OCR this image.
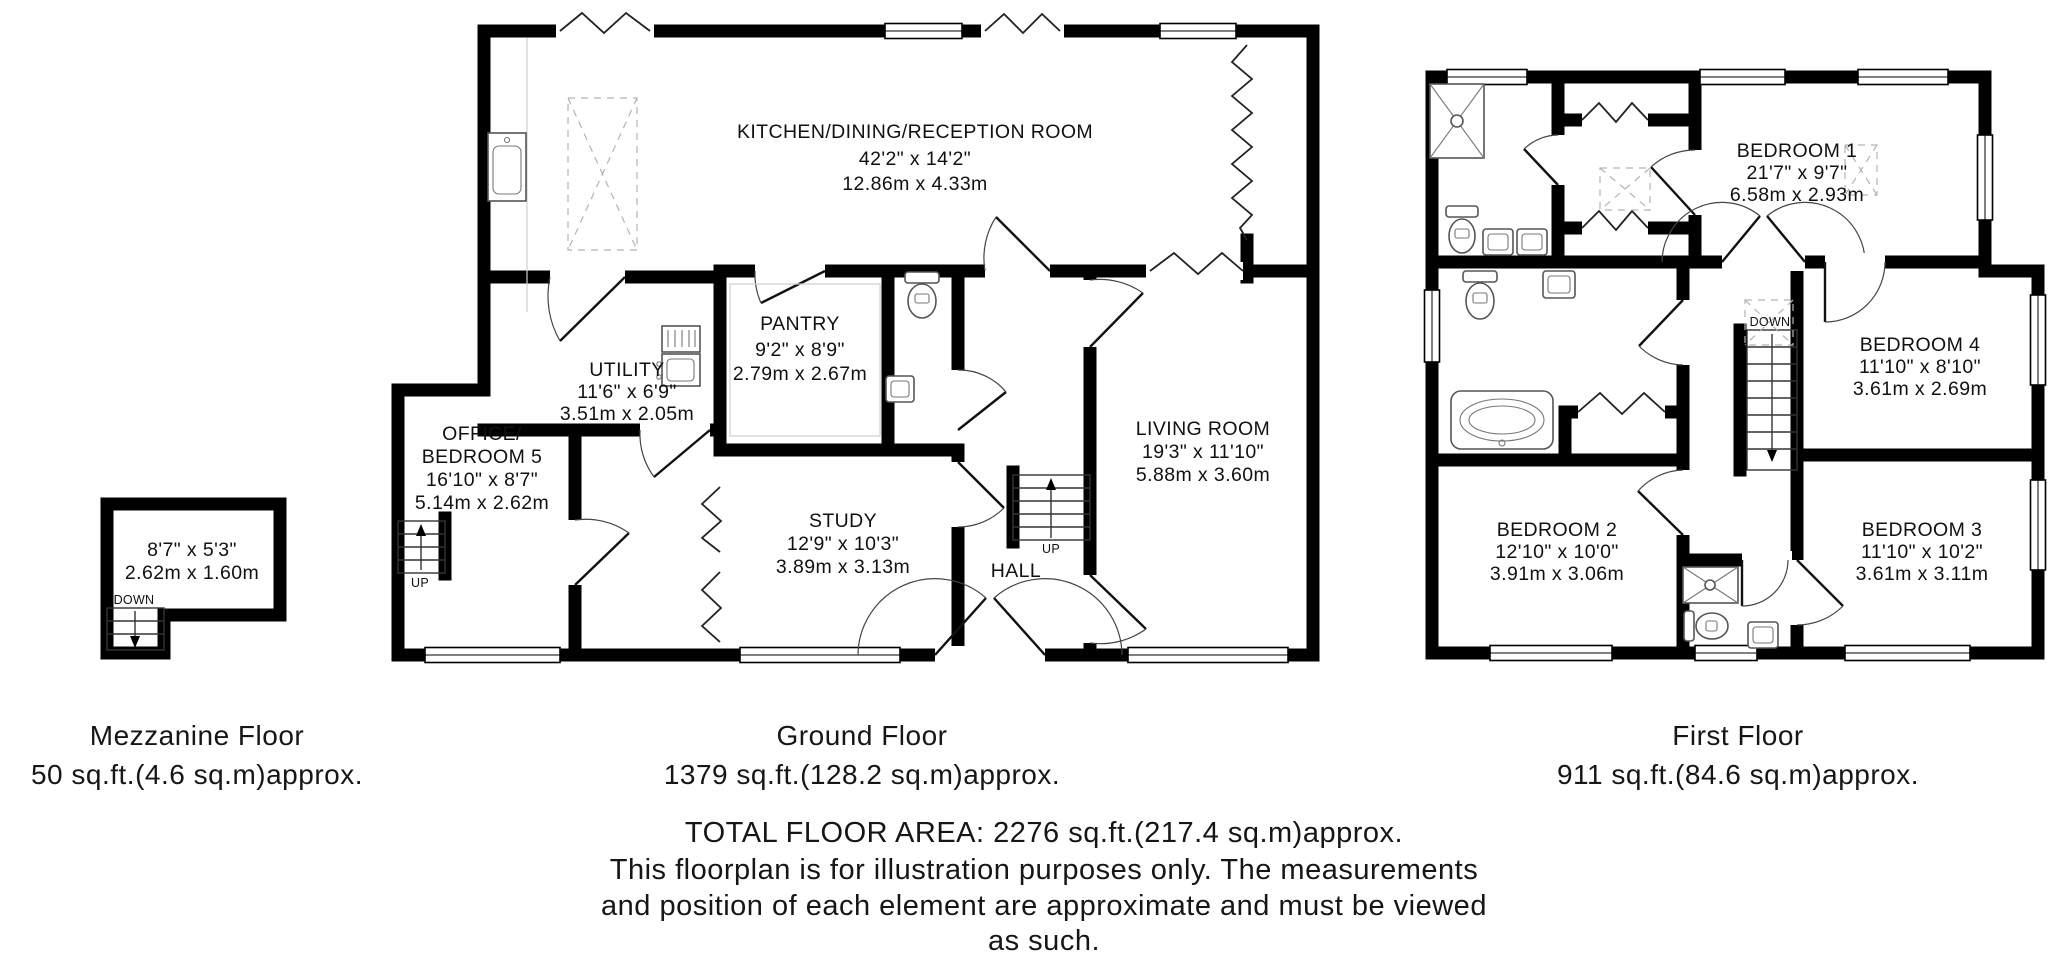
KITCHEN/DINING/RECEPTION ROOM
42'2" x 14'2"
12.86m x 4.33m
PANTRY
9'2" x 8'9"
2.79m x 2.67m
UTILITY
11'6" x 6'9"
3.51m x 2.05m
OFFICE/
BEDROOM 5
16'10" x 8'7"
5.14m x 2.62m
STUDY
12'9" x 10'3"
3.89m x 3.13m	HALL
LIVING ROOM
19'3" x 11'10"
5.88m x 3.60m
UP
UP
8'7" x 5'3"
2.62m x 1.60m
DOWN
BEDROOM 1
21'7" x 9'7"
6.58m x 2.93m
BEDROOM 4
11'10" x 8'10"
3.61m x 2.69m
BEDROOM 2
12'10" x 10'0"
3.91m x 3.06m
BEDROOM 3
11'10" x 10'2"
3.61m x 3.11m
DOWN
Mezzanine Floor
50 sq.ft.(4.6 sq.m)approx.
Ground Floor
1379 sq.ft.(128.2 sq.m)approx.
First Floor
911 sq.ft.(84.6 sq.m)approx.
TOTAL FLOOR AREA: 2276 sq.ft.(217.4 sq.m)approx.
This floorplan is for illustration purposes only. The measurements
and position of each element are approximate and must be viewed
as such.
